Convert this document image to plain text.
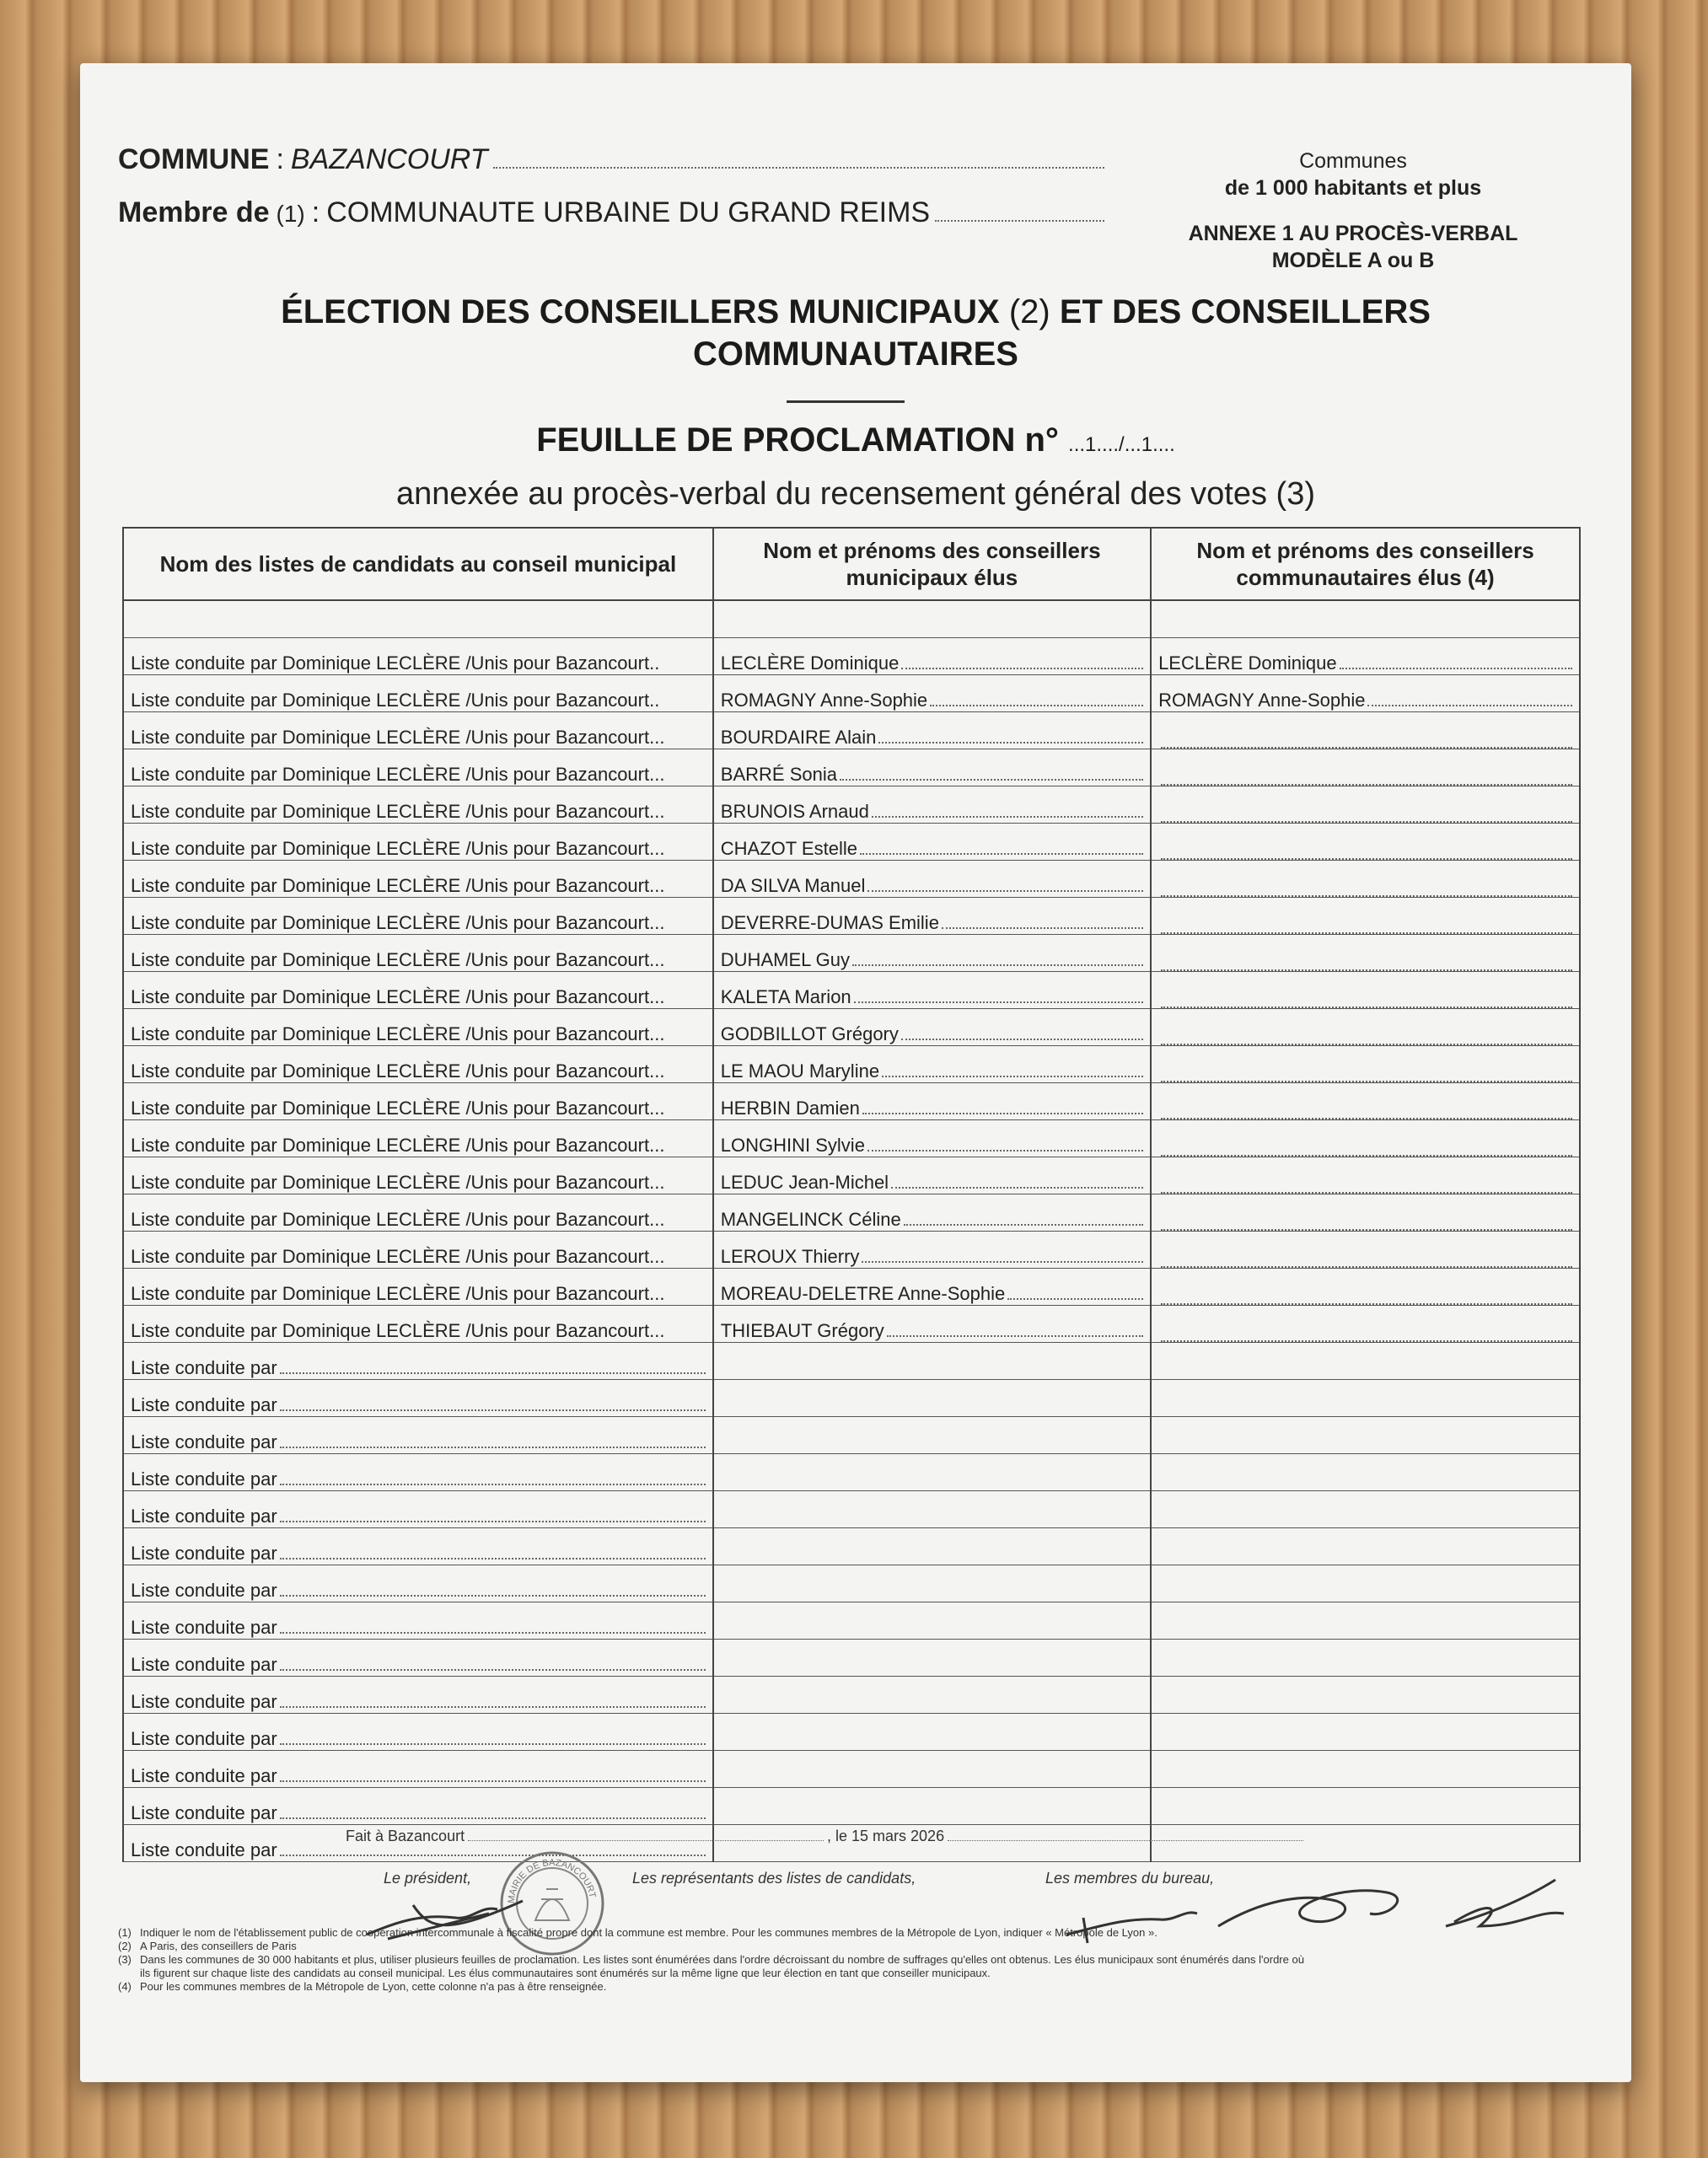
COMMUNE : BAZANCOURT
Membre de (1) : COMMUNAUTE URBAINE DU GRAND REIMS
Communes
de 1 000 habitants et plus
ANNEXE 1 AU PROCÈS-VERBAL
MODÈLE A ou B
ÉLECTION DES CONSEILLERS MUNICIPAUX (2) ET DES CONSEILLERS
COMMUNAUTAIRES
FEUILLE DE PROCLAMATION n° ...1..../...1....
annexée au procès-verbal du recensement général des votes (3)
Nom des listes de candidats au conseil municipal	Nom et prénoms des conseillers municipaux élus	Nom et prénoms des conseillers communautaires élus (4)

Liste conduite par Dominique LECLÈRE /Unis pour Bazancourt..	LECLÈRE Dominique	LECLÈRE Dominique

Liste conduite par Dominique LECLÈRE /Unis pour Bazancourt..	ROMAGNY Anne-Sophie	ROMAGNY Anne-Sophie

Liste conduite par Dominique LECLÈRE /Unis pour Bazancourt...	BOURDAIRE Alain	

Liste conduite par Dominique LECLÈRE /Unis pour Bazancourt...	BARRÉ Sonia	

Liste conduite par Dominique LECLÈRE /Unis pour Bazancourt...	BRUNOIS Arnaud	

Liste conduite par Dominique LECLÈRE /Unis pour Bazancourt...	CHAZOT Estelle	

Liste conduite par Dominique LECLÈRE /Unis pour Bazancourt...	DA SILVA Manuel	

Liste conduite par Dominique LECLÈRE /Unis pour Bazancourt...	DEVERRE-DUMAS Emilie	

Liste conduite par Dominique LECLÈRE /Unis pour Bazancourt...	DUHAMEL Guy	

Liste conduite par Dominique LECLÈRE /Unis pour Bazancourt...	KALETA Marion	

Liste conduite par Dominique LECLÈRE /Unis pour Bazancourt...	GODBILLOT Grégory	

Liste conduite par Dominique LECLÈRE /Unis pour Bazancourt...	LE MAOU Maryline	

Liste conduite par Dominique LECLÈRE /Unis pour Bazancourt...	HERBIN Damien	

Liste conduite par Dominique LECLÈRE /Unis pour Bazancourt...	LONGHINI Sylvie	

Liste conduite par Dominique LECLÈRE /Unis pour Bazancourt...	LEDUC Jean-Michel	

Liste conduite par Dominique LECLÈRE /Unis pour Bazancourt...	MANGELINCK Céline	

Liste conduite par Dominique LECLÈRE /Unis pour Bazancourt...	LEROUX Thierry	

Liste conduite par Dominique LECLÈRE /Unis pour Bazancourt...	MOREAU-DELETRE Anne-Sophie	

Liste conduite par Dominique LECLÈRE /Unis pour Bazancourt...	THIEBAUT Grégory	

Liste conduite par		

Liste conduite par		

Liste conduite par		

Liste conduite par		

Liste conduite par		

Liste conduite par		

Liste conduite par		

Liste conduite par		

Liste conduite par		

Liste conduite par		

Liste conduite par		

Liste conduite par		

Liste conduite par		

Liste conduite par		

Fait à Bazancourt	, le 15 mars 2026
Le président,	Les représentants des listes de candidats,	Les membres du bureau,
MAIRIE DE BAZANCOURT
(1) Indiquer le nom de l'établissement public de coopération intercommunale à fiscalité propre dont la commune est membre. Pour les communes membres de la Métropole de Lyon, indiquer « Métropole de Lyon ».
(2) A Paris, des conseillers de Paris
(3) Dans les communes de 30 000 habitants et plus, utiliser plusieurs feuilles de proclamation. Les listes sont énumérées dans l'ordre décroissant du nombre de suffrages qu'elles ont obtenus. Les élus municipaux sont énumérés dans l'ordre où ils figurent sur chaque liste des candidats au conseil municipal. Les élus communautaires sont énumérés sur la même ligne que leur élection en tant que conseiller municipaux.
(4) Pour les communes membres de la Métropole de Lyon, cette colonne n'a pas à être renseignée.
